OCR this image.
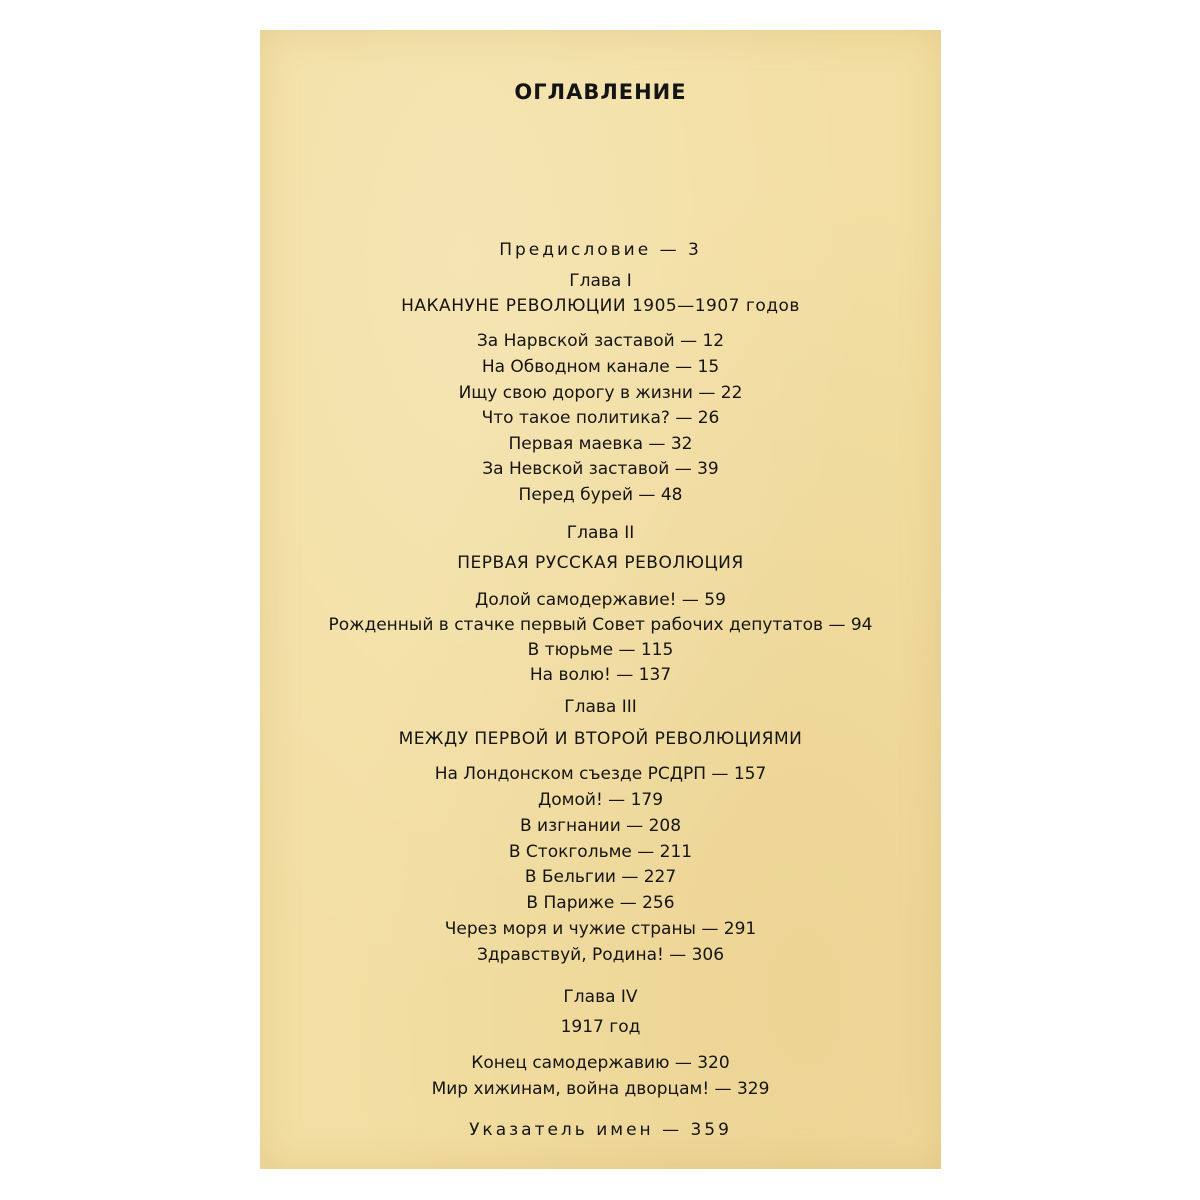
ОГЛАВЛЕНИЕ
Предисловие — 3
Глава I
НАКАНУНЕ РЕВОЛЮЦИИ 1905—1907 годов
За Нарвской заставой — 12
На Обводном канале — 15
Ищу свою дорогу в жизни — 22
Что такое политика? — 26
Первая маевка — 32
За Невской заставой — 39
Перед бурей — 48
Глава II
ПЕРВАЯ РУССКАЯ РЕВОЛЮЦИЯ
Долой самодержавие! — 59
Рожденный в стачке первый Совет рабочих депутатов — 94
В тюрьме — 115
На волю! — 137
Глава III
МЕЖДУ ПЕРВОЙ И ВТОРОЙ РЕВОЛЮЦИЯМИ
На Лондонском съезде РСДРП — 157
Домой! — 179
В изгнании — 208
В Стокгольме — 211
В Бельгии — 227
В Париже — 256
Через моря и чужие страны — 291
Здравствуй, Родина! — 306
Глава IV
1917 год
Конец самодержавию — 320
Мир хижинам, война дворцам! — 329
Указатель имен — 359
